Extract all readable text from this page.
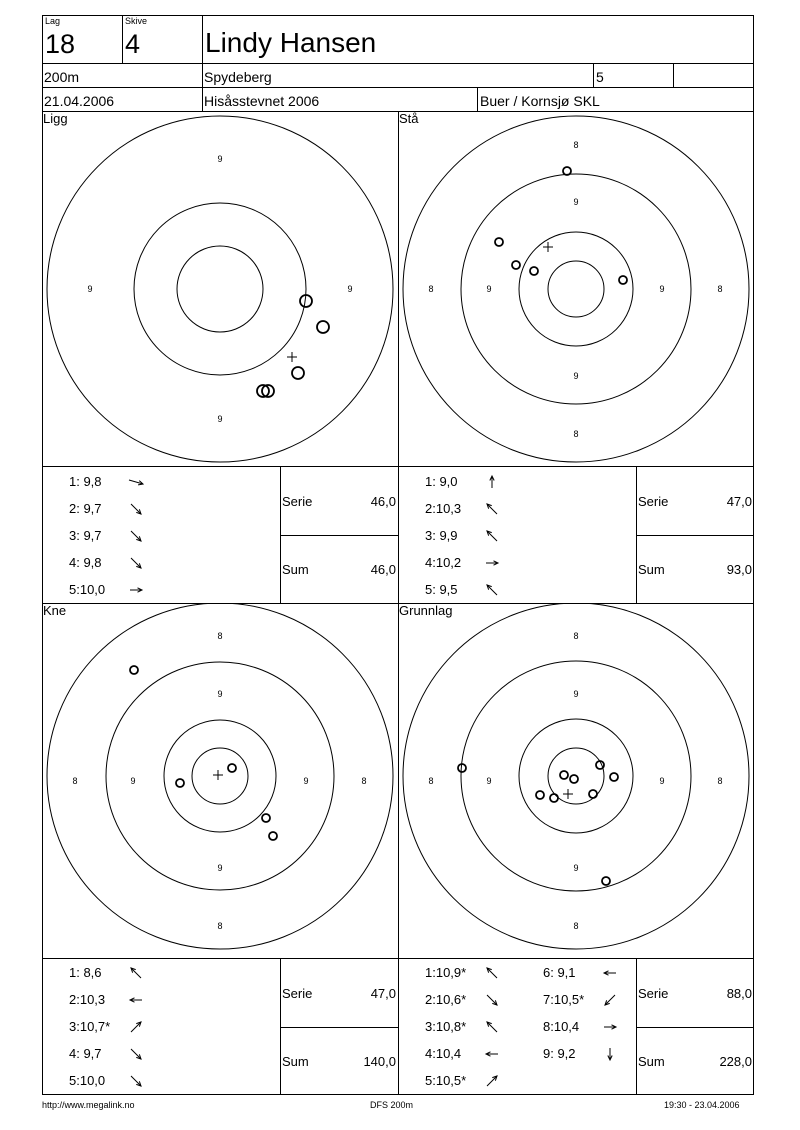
Lag
18
Skive
4 Lindy Hansen
200m	Spydeberg	5
21.04.2006	Hisåsstevnet 2006	Buer / Kornsjø SKL
Ligg	Stå
Kne	Grunnlag
9
9
9	9
8
8
8	8
9
9
9	9
8
8
8	8
9
9
9	9
8
8
8	8
9
9
9	9
1: 9,8
2: 9,7
3: 9,7
4: 9,8
5:10,0
1: 9,0
2:10,3
3: 9,9
4:10,2
5: 9,5
1: 8,6
2:10,3
3:10,7*
4: 9,7
5:10,0
1:10,9*
2:10,6*
3:10,8*
4:10,4
5:10,5*
6: 9,1
7:10,5*
8:10,4
9: 9,2
Serie	46,0
Sum	46,0
Serie	47,0
Sum	93,0
Serie	47,0
Sum	140,0
Serie	88,0
Sum	228,0
http://www.megalink.no	DFS 200m	19:30 - 23.04.2006
